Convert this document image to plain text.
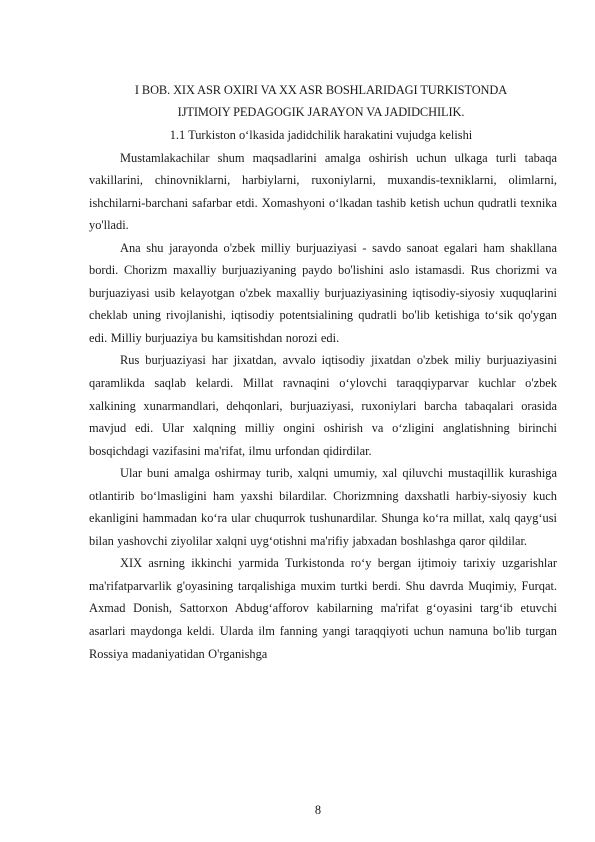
I BOB. XIX ASR OXIRI VA XX ASR BOSHLARIDAGI TURKISTONDA
IJTIMOIY PEDAGOGIK JARAYON VA JADIDCHILIK.
1.1 Turkiston o‘lkasida jadidchilik harakatini vujudga kelishi

Mustamlakachilar shum maqsadlarini amalga oshirish uchun ulkaga turli tabaqa vakillarini, chinovniklarni, harbiylarni, ruxoniylarni, muxandis-texniklarni, olimlarni, ishchilarni-barchani safarbar etdi. Xomashyoni o‘lkadan tashib ketish uchun qudratli texnika yo'lladi.

Ana shu jarayonda o'zbek milliy burjuaziyasi - savdo sanoat egalari ham shakllana bordi. Chorizm maxalliy burjuaziyaning paydo bo'lishini aslo istamasdi. Rus chorizmi va burjuaziyasi usib kelayotgan o'zbek maxalliy burjuaziyasining iqtisodiy-siyosiy xuquqlarini cheklab uning rivojlanishi, iqtisodiy potentsialining qudratli bo'lib ketishiga to‘sik qo'ygan edi. Milliy burjuaziya bu kamsitishdan norozi edi.

Rus burjuaziyasi har jixatdan, avvalo iqtisodiy jixatdan o'zbek miliy burjuaziyasini qaramlikda saqlab kelardi. Millat ravnaqini o‘ylovchi taraqqiyparvar kuchlar o'zbek xalkining xunarmandlari, dehqonlari, burjuaziyasi, ruxoniylari barcha tabaqalari orasida mavjud edi. Ular xalqning milliy ongini oshirish va o‘zligini anglatishning birinchi bosqichdagi vazifasini ma'rifat, ilmu urfondan qidirdilar.

Ular buni amalga oshirmay turib, xalqni umumiy, xal qiluvchi mustaqillik kurashiga otlantirib bo‘lmasligini ham yaxshi bilardilar. Chorizmning daxshatli harbiy-siyosiy kuch ekanligini hammadan ko‘ra ular chuqurrok tushunardilar. Shunga ko‘ra millat, xalq qayg‘usi bilan yashovchi ziyolilar xalqni uyg‘otishni ma'rifiy jabxadan boshlashga qaror qildilar.

XIX asrning ikkinchi yarmida Turkistonda ro‘y bergan ijtimoiy tarixiy uzgarishlar ma'rifatparvarlik g'oyasining tarqalishiga muxim turtki berdi. Shu davrda Muqimiy, Furqat. Axmad Donish, Sattorxon Abdug‘afforov kabilarning ma'rifat g‘oyasini targ‘ib etuvchi asarlari maydonga keldi. Ularda ilm fanning yangi taraqqiyoti uchun namuna bo'lib turgan Rossiya madaniyatidan O'rganishga

8
